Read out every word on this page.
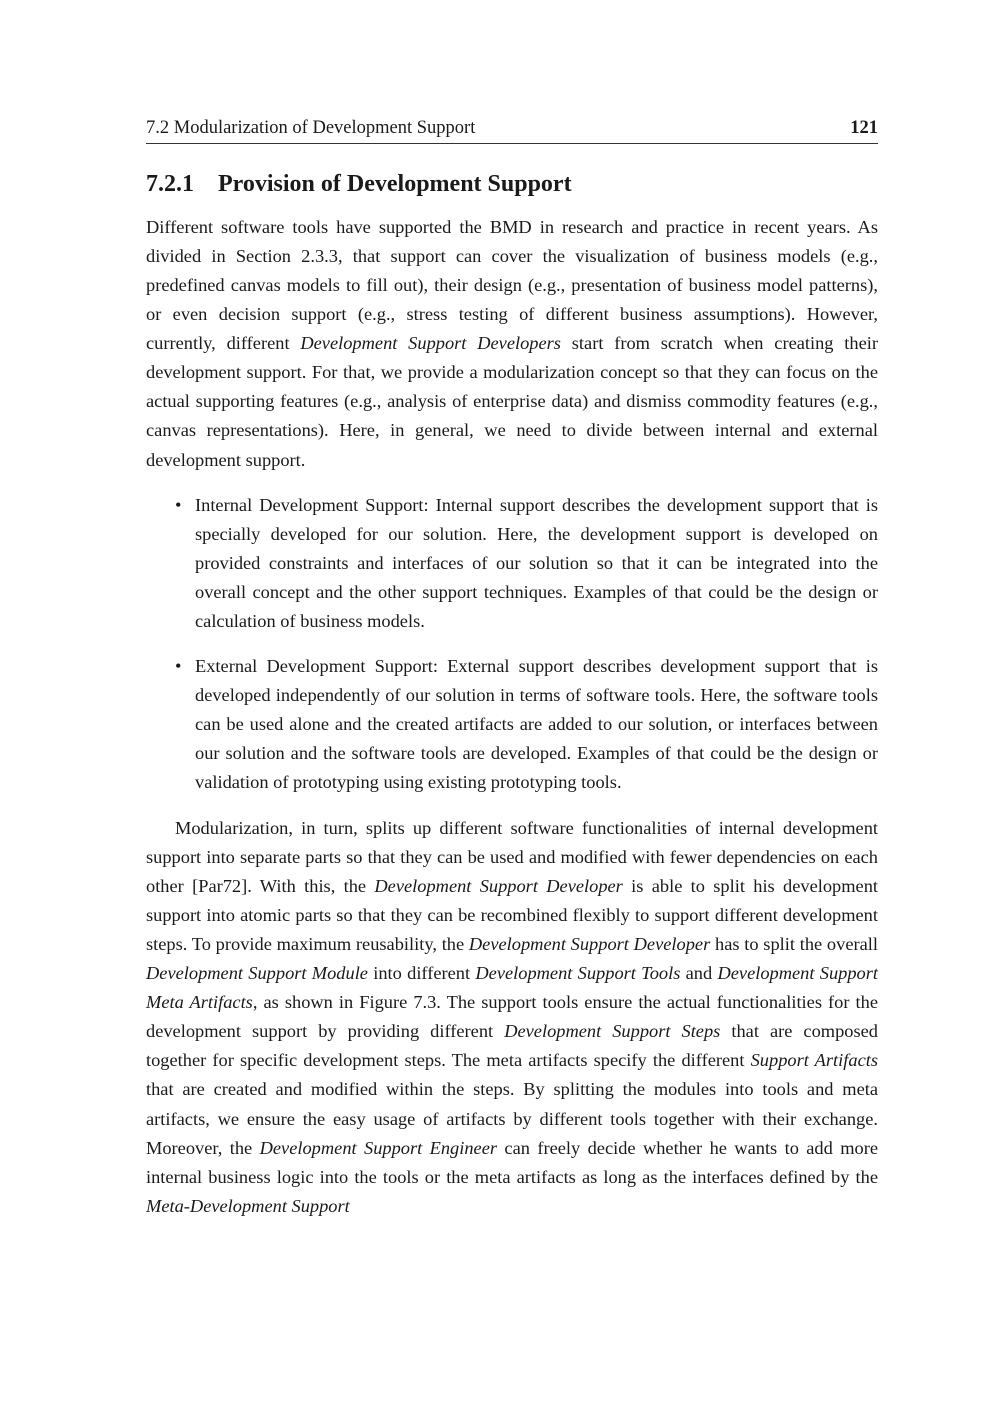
7.2 Modularization of Development Support	121
7.2.1 Provision of Development Support

Different software tools have supported the BMD in research and practice in recent years. As divided in Section 2.3.3, that support can cover the visualization of business models (e.g., predefined canvas models to fill out), their design (e.g., presentation of business model patterns), or even decision support (e.g., stress testing of different business assumptions). However, currently, different Development Support Developers start from scratch when creating their development support. For that, we provide a modularization concept so that they can focus on the actual supporting features (e.g., analysis of enterprise data) and dismiss commodity features (e.g., canvas representations). Here, in general, we need to divide between internal and external development support.

• Internal Development Support: Internal support describes the development support that is specially developed for our solution. Here, the development support is developed on provided constraints and interfaces of our solution so that it can be integrated into the overall concept and the other support techniques. Examples of that could be the design or calculation of business models.
• External Development Support: External support describes development support that is developed independently of our solution in terms of software tools. Here, the software tools can be used alone and the created artifacts are added to our solution, or interfaces between our solution and the software tools are developed. Examples of that could be the design or validation of prototyping using existing prototyping tools.

Modularization, in turn, splits up different software functionalities of internal development support into separate parts so that they can be used and modified with fewer dependencies on each other [Par72]. With this, the Development Support Developer is able to split his development support into atomic parts so that they can be recombined flexibly to support different development steps. To provide maximum reusability, the Development Support Developer has to split the overall Development Support Module into different Development Support Tools and Development Support Meta Artifacts, as shown in Figure 7.3. The support tools ensure the actual functionalities for the development support by providing different Development Support Steps that are composed together for specific development steps. The meta artifacts specify the different Support Artifacts that are created and modified within the steps. By splitting the modules into tools and meta artifacts, we ensure the easy usage of artifacts by different tools together with their exchange. Moreover, the Development Support Engineer can freely decide whether he wants to add more internal business logic into the tools or the meta artifacts as long as the interfaces defined by the Meta-Development Support
